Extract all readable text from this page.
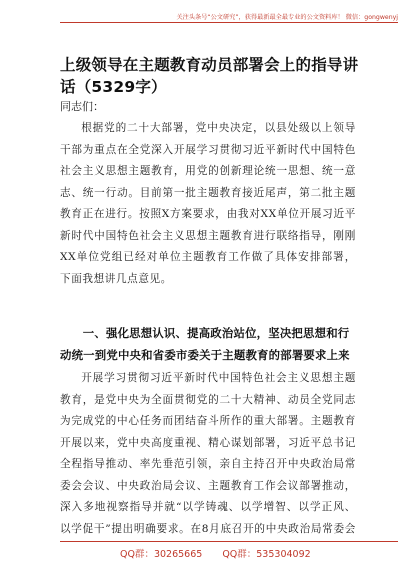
关注头条号“公文研究”，获得最新最全最专业的公文资料库！ 微信：gongwenyj
上级领导在主题教育动员部署会上的指导讲话（5329字）
同志们：
根据党的二十大部署，党中央决定，以县处级以上领导干部为重点在全党深入开展学习贯彻习近平新时代中国特色社会主义思想主题教育，用党的创新理论统一思想、统一意志、统一行动。目前第一批主题教育接近尾声，第二批主题教育正在进行。按照X方案要求，由我对XX单位开展习近平新时代中国特色社会主义思想主题教育进行联络指导，刚刚XX单位党组已经对单位主题教育工作做了具体安排部署，下面我想讲几点意见。
一、强化思想认识、提高政治站位，坚决把思想和行动统一到党中央和省委市委关于主题教育的部署要求上来
开展学习贯彻习近平新时代中国特色社会主义思想主题教育，是党中央为全面贯彻党的二十大精神、动员全党同志为完成党的中心任务而团结奋斗所作的重大部署。主题教育开展以来，党中央高度重视、精心谋划部署，习近平总书记全程指导推动、率先垂范引领，亲自主持召开中央政治局常委会会议、中央政治局会议、主题教育工作会议部署推动，深入多地视察指导并就“以学铸魂、以学增智、以学正风、以学促干”提出明确要求。在8月底召开的中央政治局常委会
QQ群：30265665 QQ群：535304092
